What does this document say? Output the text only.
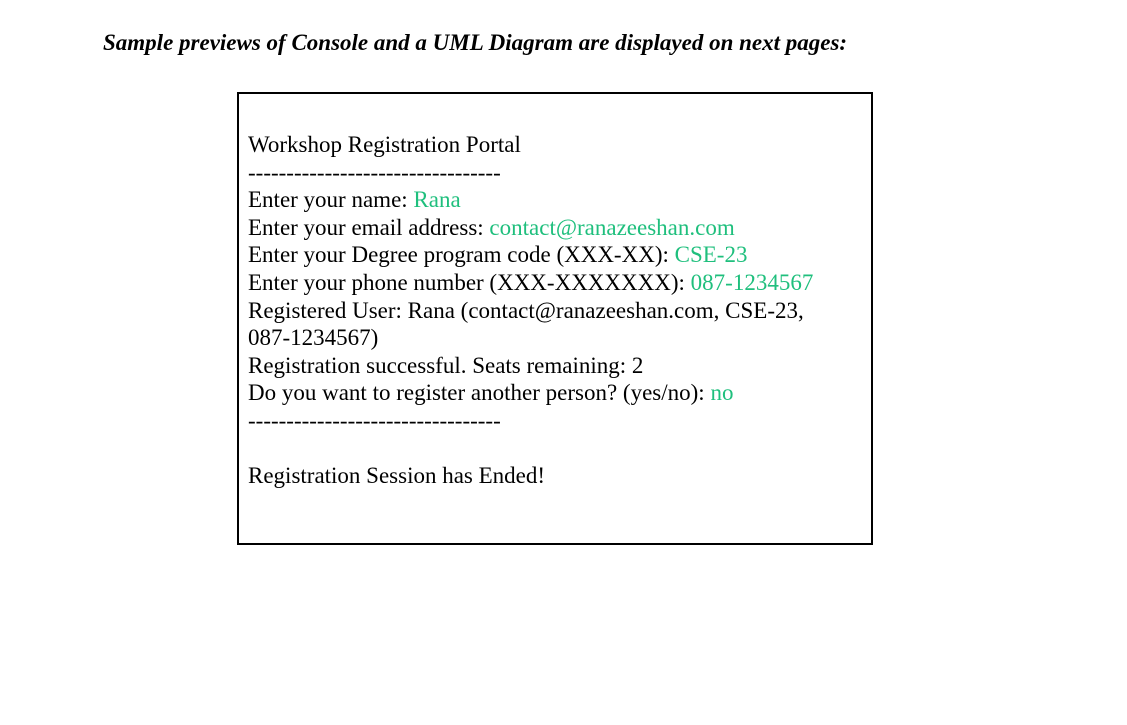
Sample previews of Console and a UML Diagram are displayed on next pages:
Workshop Registration Portal
---------------------------------
Enter your name: Rana
Enter your email address: contact@ranazeeshan.com
Enter your Degree program code (XXX-XX): CSE-23
Enter your phone number (XXX-XXXXXXX): 087-1234567
Registered User: Rana (contact@ranazeeshan.com, CSE-23,
087-1234567)
Registration successful. Seats remaining: 2
Do you want to register another person? (yes/no): no
---------------------------------
Registration Session has Ended!
